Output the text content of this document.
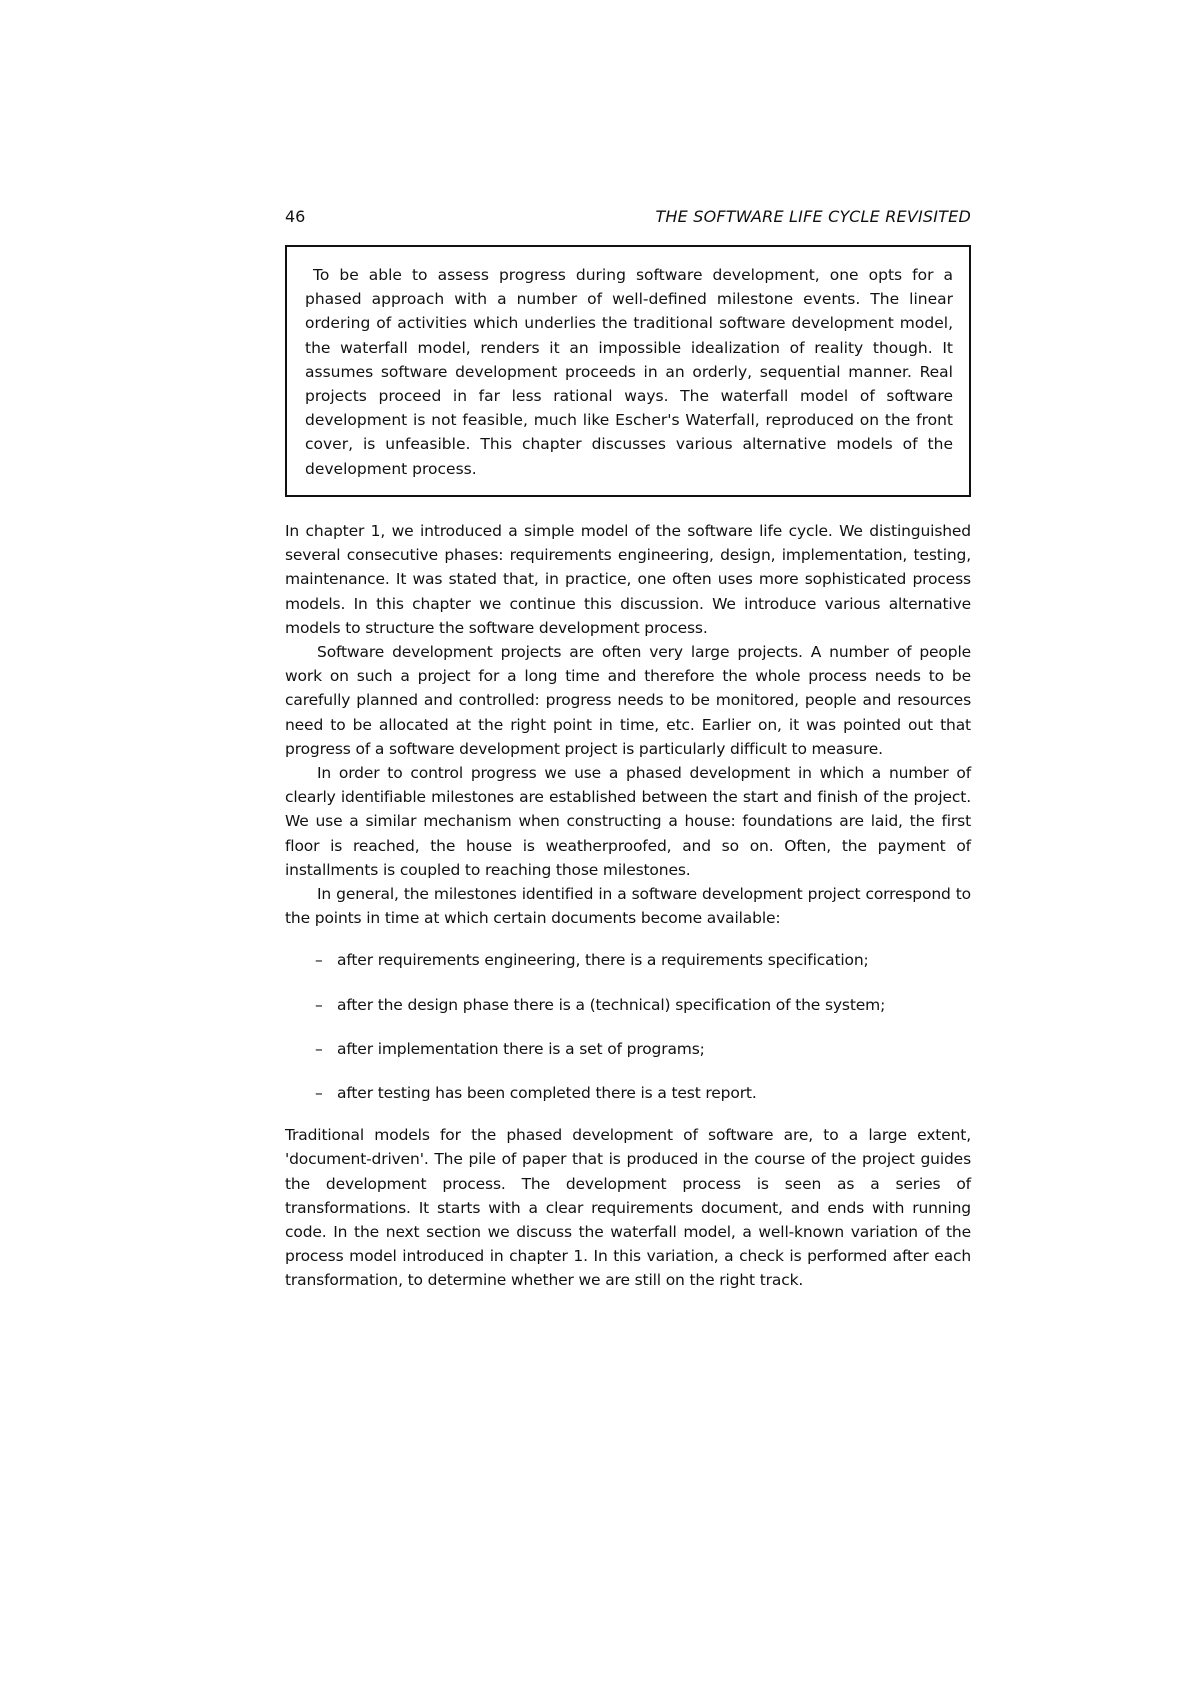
46	THE SOFTWARE LIFE CYCLE REVISITED

To be able to assess progress during software development, one opts for a phased approach with a number of well-defined milestone events. The linear ordering of activities which underlies the traditional software development model, the waterfall model, renders it an impossible idealization of reality though. It assumes software development proceeds in an orderly, sequential manner. Real projects proceed in far less rational ways. The waterfall model of software development is not feasible, much like Escher's Waterfall, reproduced on the front cover, is unfeasible. This chapter discusses various alternative models of the development process.

In chapter 1, we introduced a simple model of the software life cycle. We distinguished several consecutive phases: requirements engineering, design, implementation, testing, maintenance. It was stated that, in practice, one often uses more sophisticated process models. In this chapter we continue this discussion. We introduce various alternative models to structure the software development process.

Software development projects are often very large projects. A number of people work on such a project for a long time and therefore the whole process needs to be carefully planned and controlled: progress needs to be monitored, people and resources need to be allocated at the right point in time, etc. Earlier on, it was pointed out that progress of a software development project is particularly difficult to measure.

In order to control progress we use a phased development in which a number of clearly identifiable milestones are established between the start and finish of the project. We use a similar mechanism when constructing a house: foundations are laid, the first floor is reached, the house is weatherproofed, and so on. Often, the payment of installments is coupled to reaching those milestones.

In general, the milestones identified in a software development project correspond to the points in time at which certain documents become available:

– after requirements engineering, there is a requirements specification;
– after the design phase there is a (technical) specification of the system;
– after implementation there is a set of programs;
– after testing has been completed there is a test report.

Traditional models for the phased development of software are, to a large extent, 'document-driven'. The pile of paper that is produced in the course of the project guides the development process. The development process is seen as a series of transformations. It starts with a clear requirements document, and ends with running code. In the next section we discuss the waterfall model, a well-known variation of the process model introduced in chapter 1. In this variation, a check is performed after each transformation, to determine whether we are still on the right track.
